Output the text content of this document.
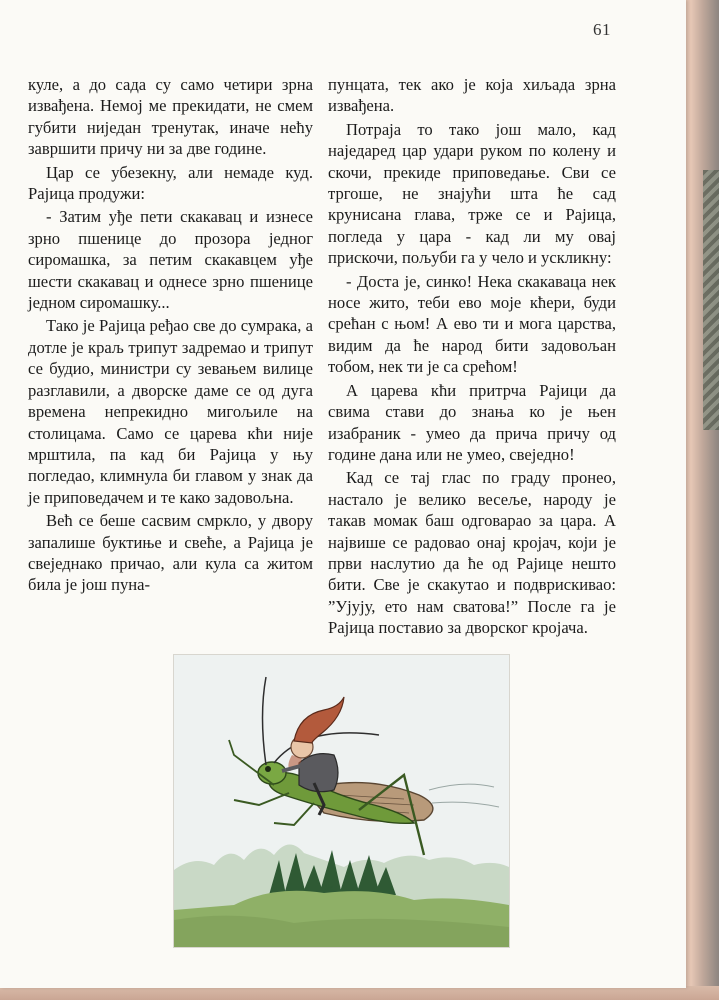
61

куле, а до сада су само четири зрна извађена. Немој ме прекидати, не смем губити ниједан тренутак, иначе нећу завршити причу ни за две године.

Цар се убезекну, али немаде куд. Рајица продужи:

- Затим уђе пети скакавац и изнесе зрно пшенице до прозора једног сиромашка, за петим скакавцем уђе шести скакавац и однесе зрно пшенице једном сиромашку...

Тако је Рајица ређао све до сумрака, а дотле је краљ трипут задремао и трипут се будио, министри су зевањем вилице разглавили, а дворске даме се од дуга времена непрекидно мигољиле на столицама. Само се царева кћи није мрштила, па кад би Рајица у њу погледао, климнула би главом у знак да је приповедачем и те како задовољна.

Већ се беше сасвим смркло, у двору запалише буктиње и свеће, а Рајица је свеједнако причао, али кула са житом била је још пуна-

пунцата, тек ако је која хиљада зрна извађена.

Потраја то тако још мало, кад наједаред цар удари руком по колену и скочи, прекиде приповедање. Сви се тргоше, не знајући шта ће сад крунисана глава, трже се и Рајица, погледа у цара - кад ли му овај прискочи, пољуби га у чело и ускликну:

- Доста је, синко! Нека скакаваца нек носе жито, теби ево моје кћери, буди срећан с њом! А ево ти и мога царства, видим да ће народ бити задовољан тобом, нек ти је са срећом!

А царева кћи притрча Рајици да свима стави до знања ко је њен изабраник - умео да прича причу од године дана или не умео, свеједно!

Кад се тај глас по граду пронео, настало је велико весеље, народу је такав момак баш одговарао за цара. А највише се радовао онај кројач, који је први наслутио да ће од Рајице нешто бити. Све је скакутао и подврискивао: ”Ујују, ето нам сватова!” После га је Рајица поставио за дворског кројача.

Ne
